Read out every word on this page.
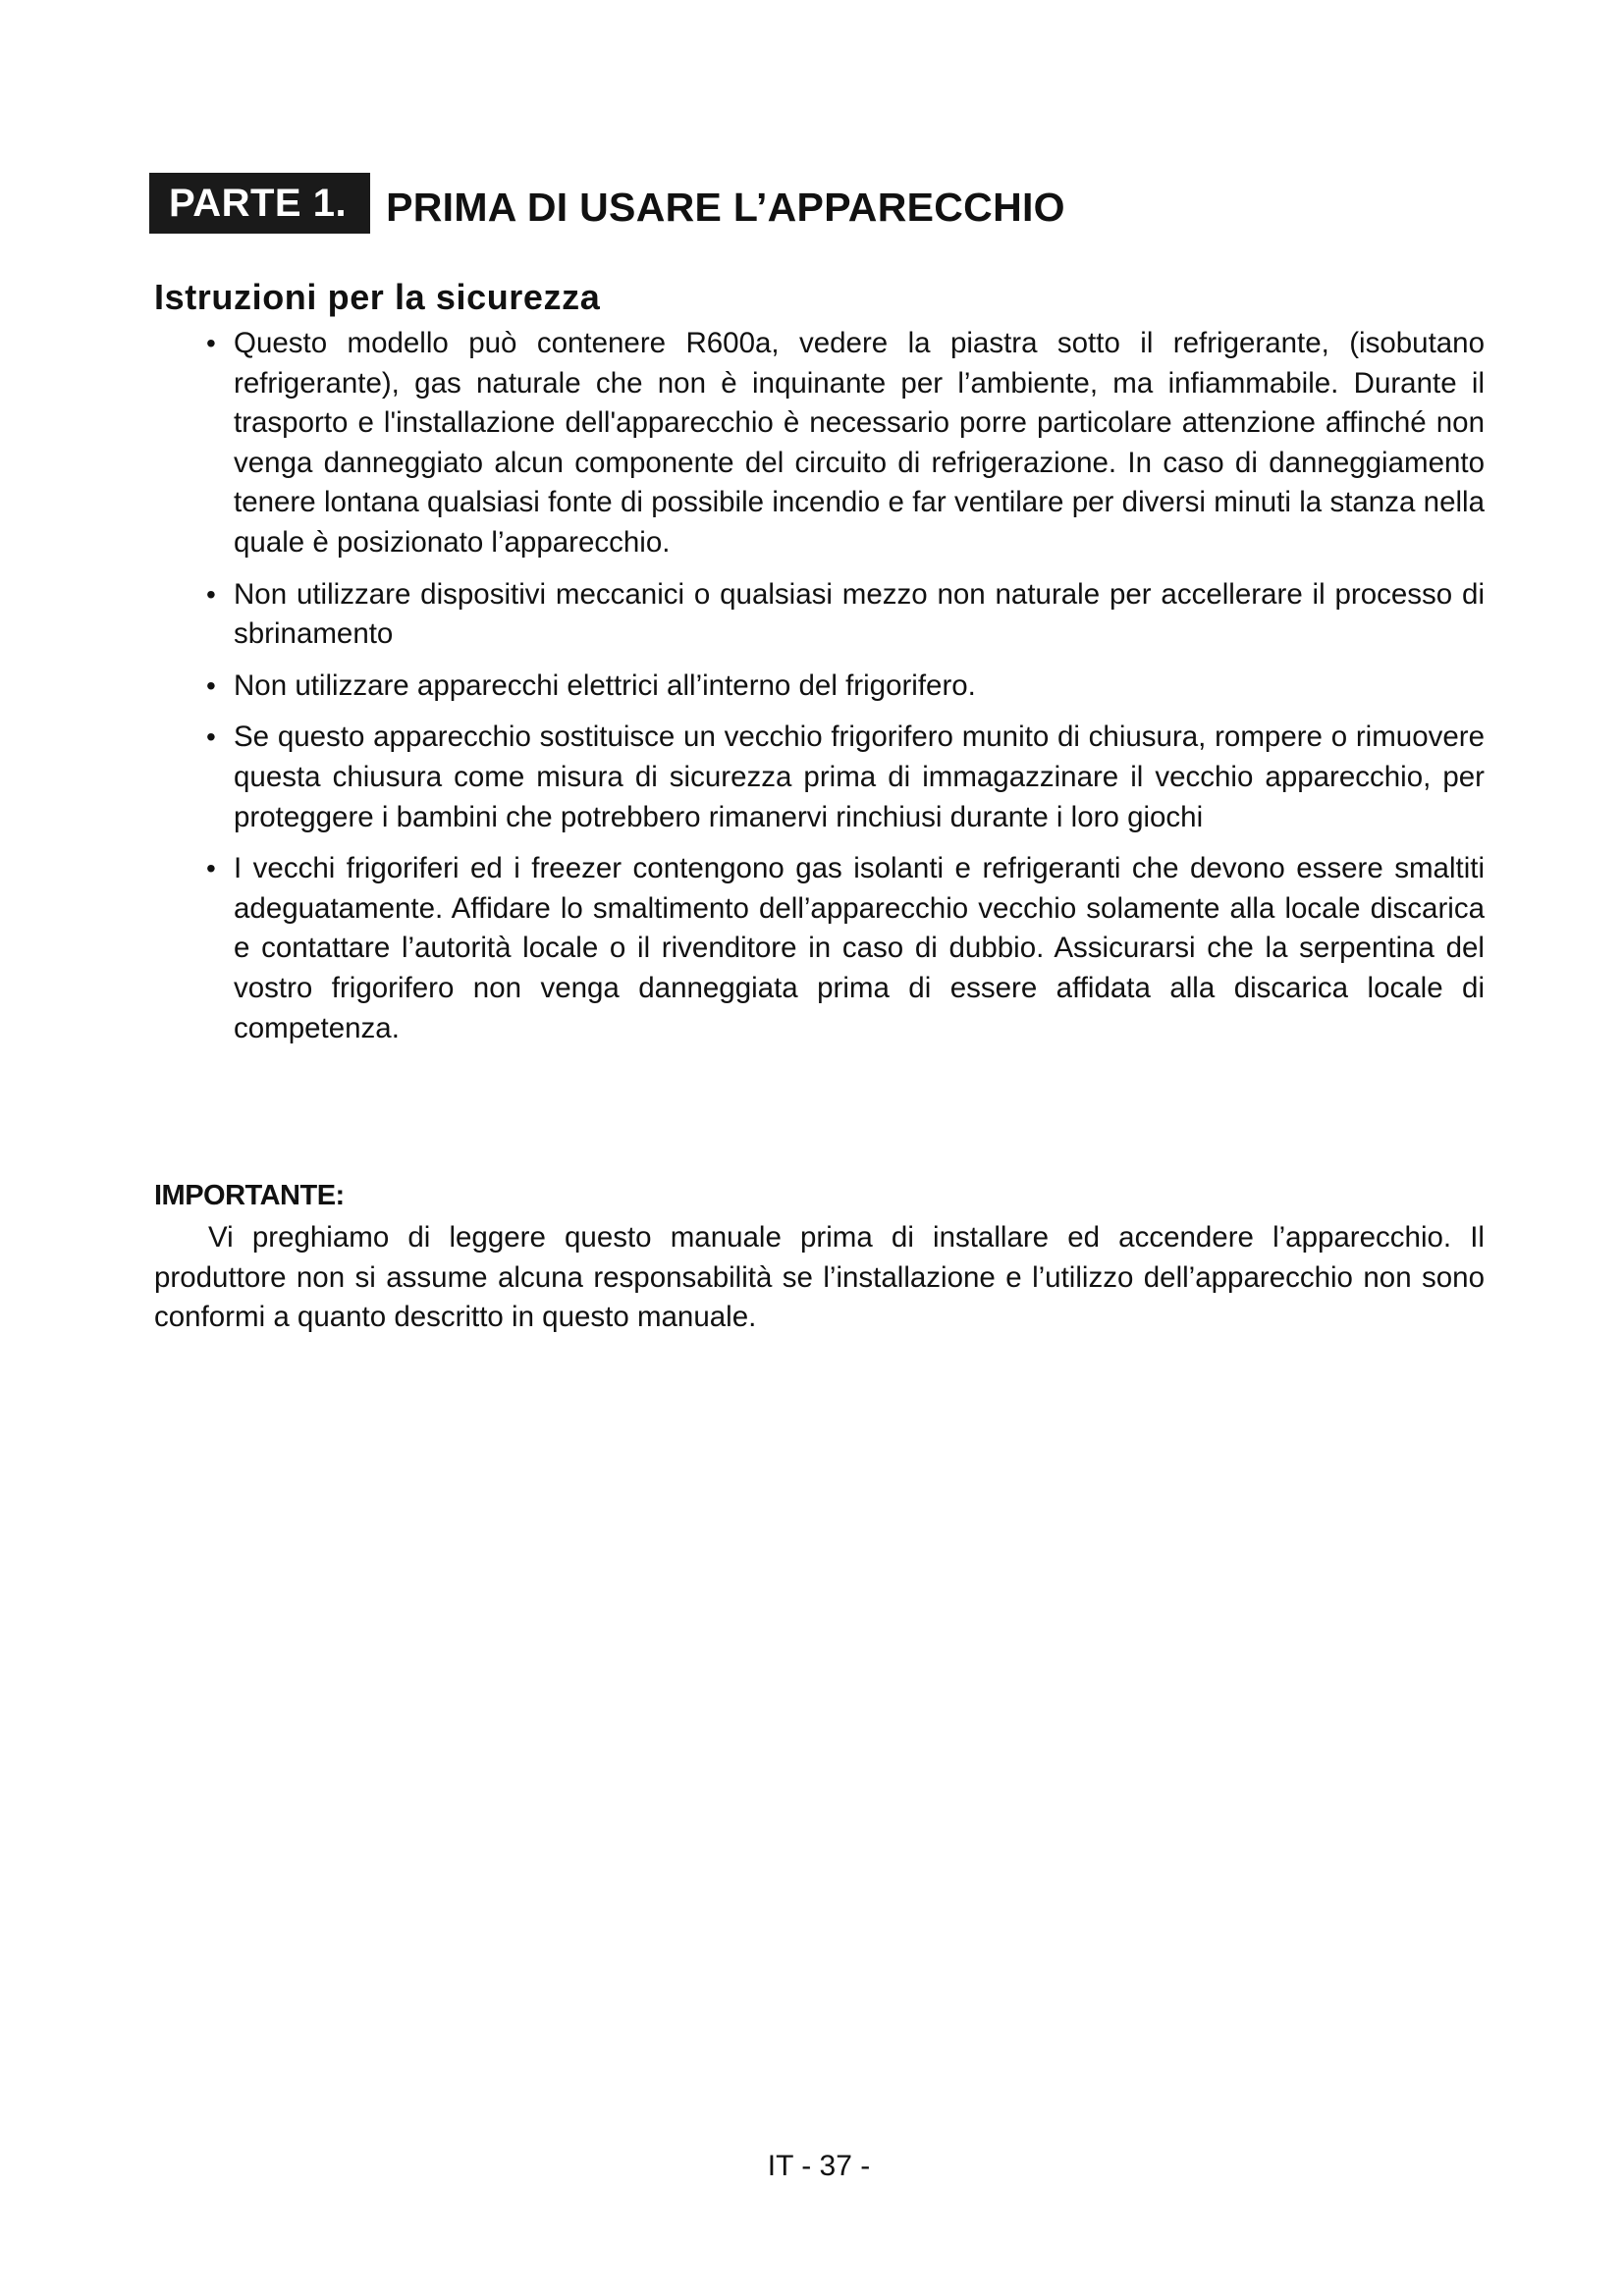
PARTE 1. PRIMA DI USARE L’APPARECCHIO
Istruzioni per la sicurezza
• Questo modello può contenere R600a, vedere la piastra sotto il refrigerante, (isobutano refrigerante), gas naturale che non è inquinante per l’ambiente, ma infiammabile. Durante il trasporto e l'installazione dell'apparecchio è necessario porre particolare attenzione affinché non venga danneggiato alcun componente del circuito di refrigerazione. In caso di danneggiamento tenere lontana qualsiasi fonte di possibile incendio e far ventilare per diversi minuti la stanza nella quale è posizionato l’apparecchio.
• Non utilizzare dispositivi meccanici o qualsiasi mezzo non naturale per accellerare il processo di sbrinamento
• Non utilizzare apparecchi elettrici all’interno del frigorifero.
• Se questo apparecchio sostituisce un vecchio frigorifero munito di chiusura, rompere o rimuovere questa chiusura come misura di sicurezza prima di immagazzinare il vecchio apparecchio, per proteggere i bambini che potrebbero rimanervi rinchiusi durante i loro giochi
• I vecchi frigoriferi ed i freezer contengono gas isolanti e refrigeranti che devono essere smaltiti adeguatamente. Affidare lo smaltimento dell’apparecchio vecchio solamente alla locale discarica e contattare l’autorità locale o il rivenditore in caso di dubbio. Assicurarsi che la serpentina del vostro frigorifero non venga danneggiata prima di essere affidata alla discarica locale di competenza.
IMPORTANTE:

Vi preghiamo di leggere questo manuale prima di installare ed accendere l’apparecchio. Il produttore non si assume alcuna responsabilità se l’installazione e l’utilizzo dell’apparecchio non sono conformi a quanto descritto in questo manuale.

IT - 37 -
